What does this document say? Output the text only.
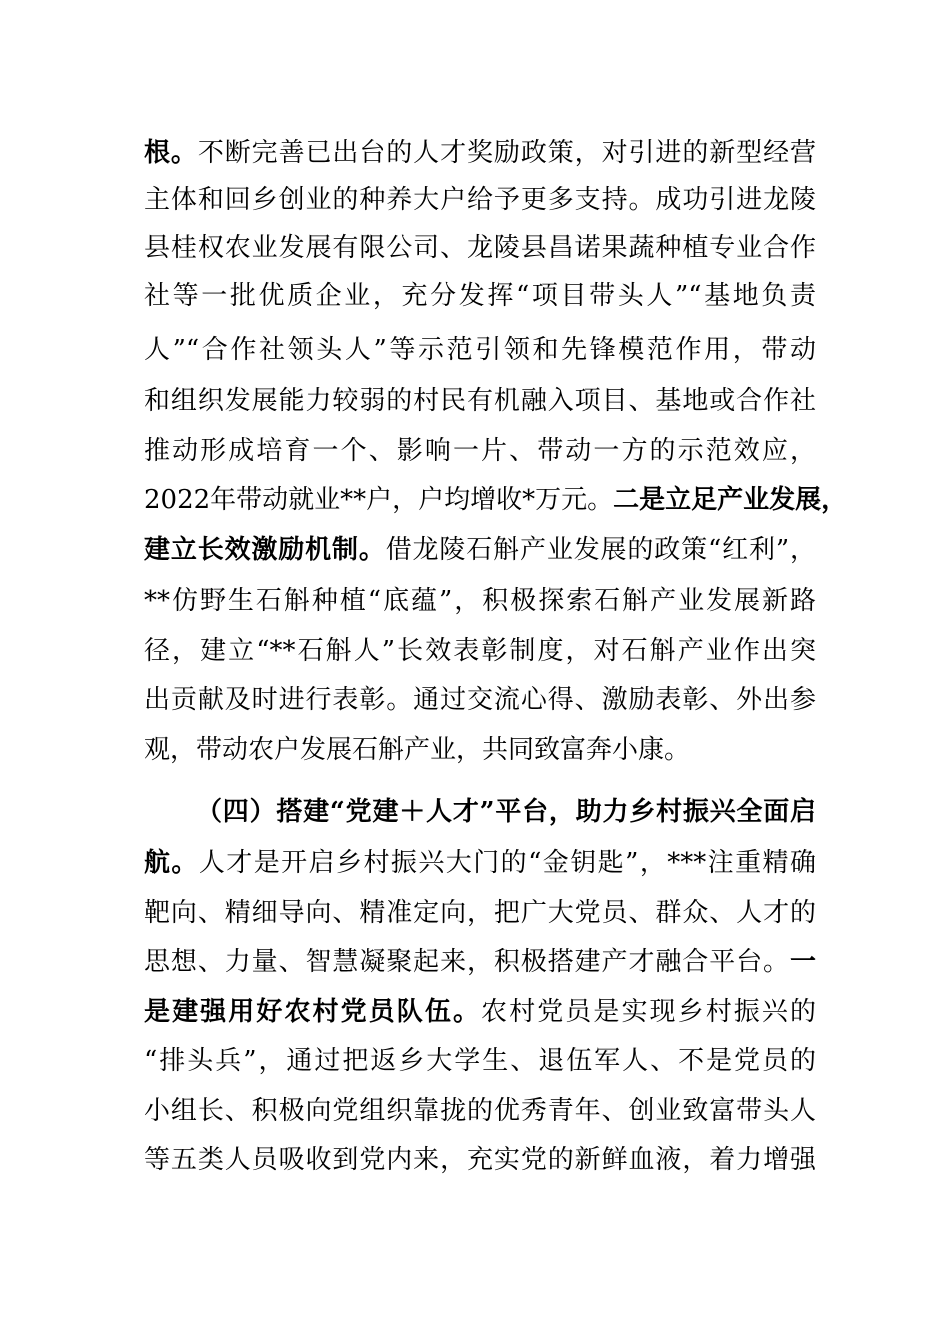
根。不断完善已出台的人才奖励政策，对引进的新型经营
主体和回乡创业的种养大户给予更多支持。成功引进龙陵
县桂权农业发展有限公司、龙陵县昌诺果蔬种植专业合作
社等一批优质企业，充分发挥“项目带头人”“基地负责
人”“合作社领头人”等示范引领和先锋模范作用，带动
和组织发展能力较弱的村民有机融入项目、基地或合作社
推动形成培育一个、影响一片、带动一方的示范效应，
2022年带动就业**户，户均增收*万元。二是立足产业发展，
建立长效激励机制。借龙陵石斛产业发展的政策“红利”，
**仿野生石斛种植“底蕴”，积极探索石斛产业发展新路
径，建立“**石斛人”长效表彰制度，对石斛产业作出突
出贡献及时进行表彰。通过交流心得、激励表彰、外出参
观，带动农户发展石斛产业，共同致富奔小康。
（四）搭建“党建＋人才”平台，助力乡村振兴全面启
航。人才是开启乡村振兴大门的“金钥匙”，***注重精确
靶向、精细导向、精准定向，把广大党员、群众、人才的
思想、力量、智慧凝聚起来，积极搭建产才融合平台。一
是建强用好农村党员队伍。农村党员是实现乡村振兴的
“排头兵”，通过把返乡大学生、退伍军人、不是党员的
小组长、积极向党组织靠拢的优秀青年、创业致富带头人
等五类人员吸收到党内来，充实党的新鲜血液，着力增强
